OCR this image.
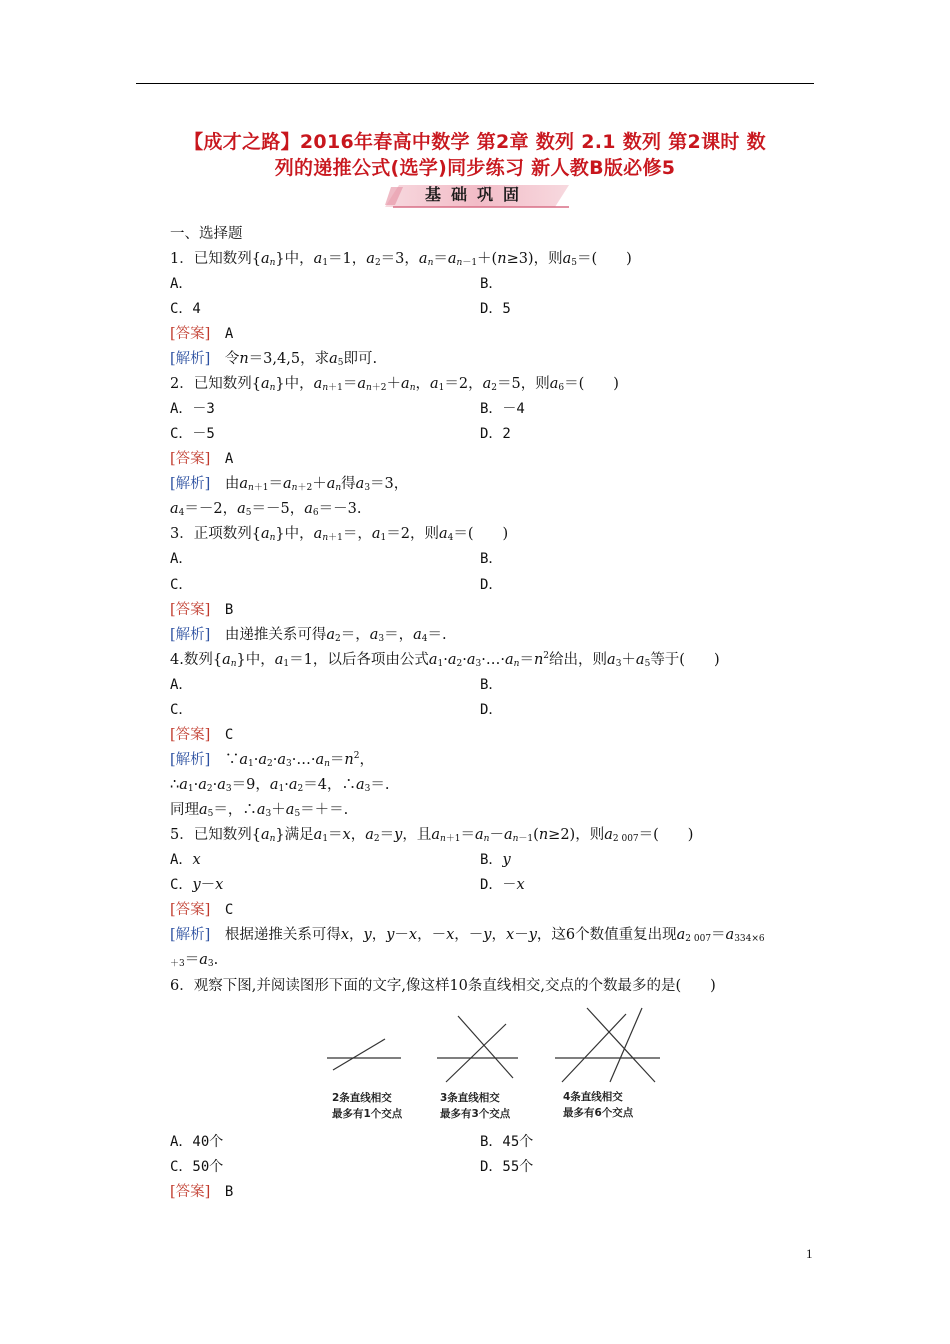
【成才之路】2016年春高中数学 第2章 数列 2.1 数列 第2课时 数
列的递推公式(选学)同步练习 新人教B版必修5
基础巩固
一、选择题
1．已知数列$\{a_n\}$中，$a_1=1$，$a_2=3$，$a_n=a_{n-1}+(n\ge 3)$，则$a_5=$(　　)
A．	B．
C．4	D．5
[答案]　 A
[解析]　令n＝3,4,5，求$a_5$即可.
2．已知数列$\{a_n\}$中，$a_{n+1}=a_{n+2}+a_n$，$a_1=2$，$a_2=5$，则$a_6=$(　　)
A．－3	B．－4
C．－5	D．2
[答案]　 A
[解析]　由$a_{n+1}=a_{n+2}+a_n$得$a_3=3$，
$a_4=-2$，$a_5=-5$，$a_6=-3$.
3．正项数列$\{a_n\}$中，$a_{n+1}=$，$a_1=2$，则$a_4=$(　　)
A．	B．
C．	D．
[答案]　 B
[解析]　由递推关系可得$a_2=$，$a_3=$，$a_4=$.
4.数列$\{a_n\}$中，$a_1=1$，以后各项由公式$a_1\cdot a_2\cdot a_3\cdot\dots\cdot a_n=n^2$给出，则$a_3+a_5$等于(　　)
A．	B．
C．	D．
[答案]　 C
[解析]　$\because a_1\cdot a_2\cdot a_3\cdot\dots\cdot a_n=n^2$，
$\therefore a_1\cdot a_2\cdot a_3=9$，$a_1\cdot a_2=4$，$\therefore a_3=$.
同理$a_5=$，$\therefore a_3+a_5=+=$.
5．已知数列$\{a_n\}$满足$a_1=x$，$a_2=y$，且$a_{n+1}=a_n-a_{n-1}(n\ge 2)$，则$a_{2 007}=$(　　)
A．x	B．y
C．y－x	D．－x
[答案]　 C
[解析]　根据递推关系可得x，y，y－x，－x，－y，x－y，这6个数值重复出现$a_{2 007}=a_{334\times 6}$
$_{+3}=a_3$.
6．观察下图,并阅读图形下面的文字,像这样10条直线相交,交点的个数最多的是(　　)
2条直线相交
最多有1个交点
3条直线相交
最多有3个交点
4条直线相交
最多有6个交点
A．40个	B．45个
C．50个	D．55个
[答案]　 B
1
